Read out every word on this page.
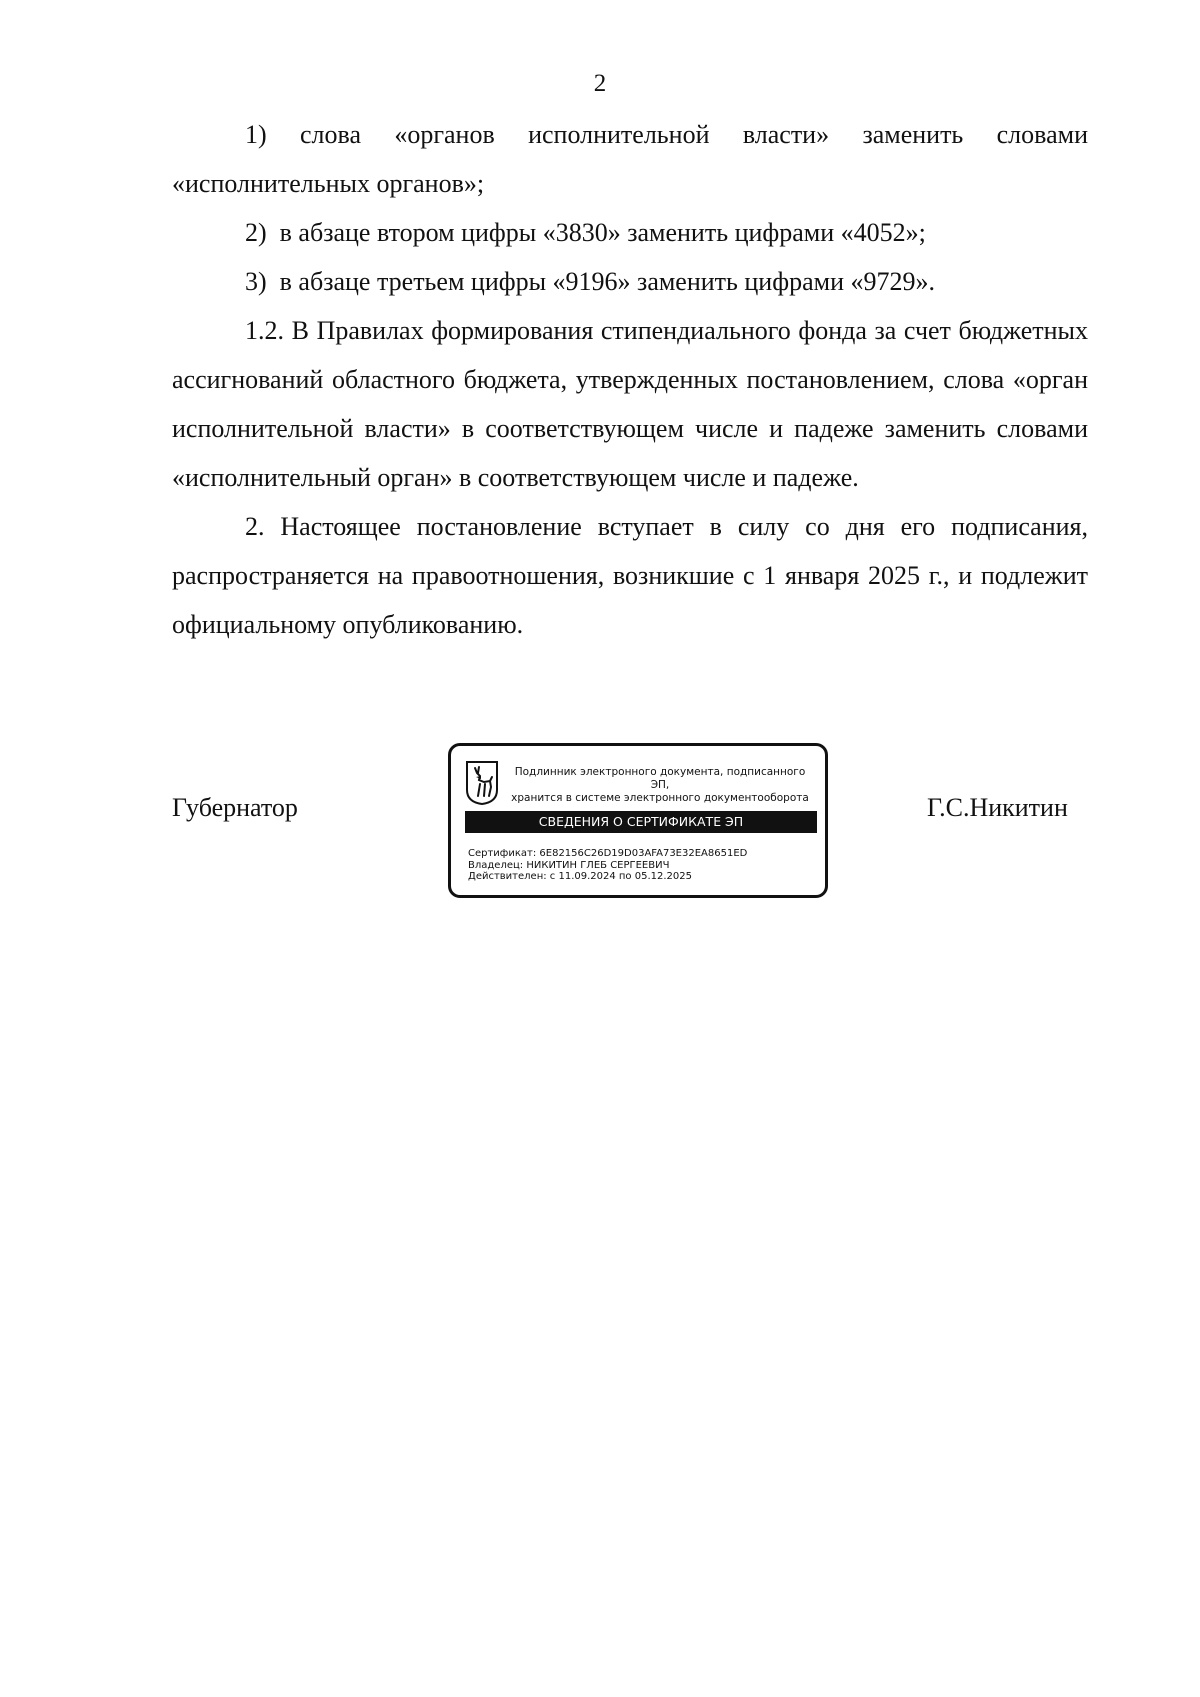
2

1) слова «органов исполнительной власти» заменить словами «исполнительных органов»;

2)  в абзаце втором цифры «3830» заменить цифрами «4052»;

3)  в абзаце третьем цифры «9196» заменить цифрами «9729».

1.2. В Правилах формирования стипендиального фонда за счет бюджетных ассигнований областного бюджета, утвержденных постановлением, слова «орган исполнительной власти» в соответствующем числе и падеже заменить словами «исполнительный орган» в соответствующем числе и падеже.

2. Настоящее постановление вступает в силу со дня его подписания, распространяется на правоотношения, возникшие с 1 января 2025 г., и подлежит официальному опубликованию.

Губернатор
Подлинник электронного документа, подписанного ЭП,
хранится в системе электронного документооборота
СВЕДЕНИЯ О СЕРТИФИКАТЕ ЭП
Сертификат: 6E82156C26D19D03AFA73E32EA8651ED
Владелец: НИКИТИН ГЛЕБ СЕРГЕЕВИЧ
Действителен: с 11.09.2024 по 05.12.2025
Г.С.Никитин
